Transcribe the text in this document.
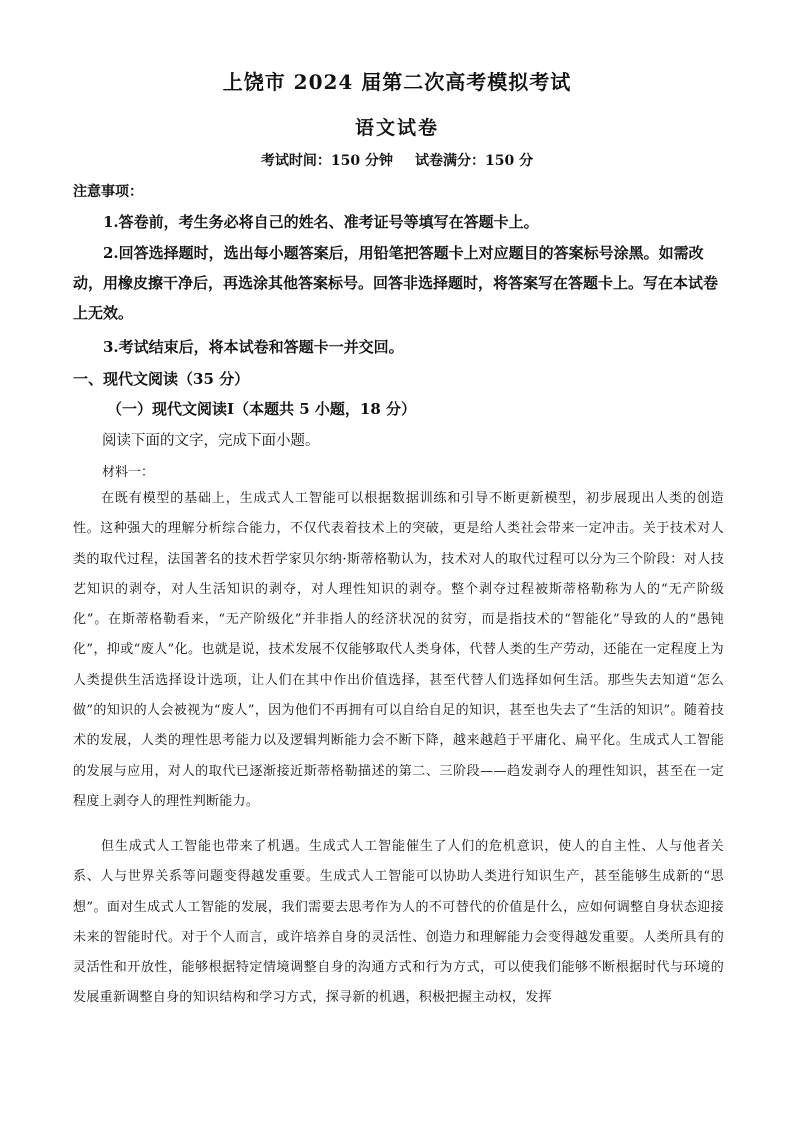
上饶市 2024 届第二次高考模拟考试
语文试卷
考试时间：150 分钟 试卷满分：150 分
注意事项：
1.答卷前，考生务必将自己的姓名、准考证号等填写在答题卡上。
2.回答选择题时，选出每小题答案后，用铅笔把答题卡上对应题目的答案标号涂黑。如需改动，用橡皮擦干净后，再选涂其他答案标号。回答非选择题时，将答案写在答题卡上。写在本试卷上无效。
3.考试结束后，将本试卷和答题卡一并交回。
一、现代文阅读（35 分）
（一）现代文阅读Ⅰ（本题共 5 小题，18 分）
阅读下面的文字，完成下面小题。
材料一：
在既有模型的基础上，生成式人工智能可以根据数据训练和引导不断更新模型，初步展现出人类的创造性。这种强大的理解分析综合能力，不仅代表着技术上的突破，更是给人类社会带来一定冲击。关于技术对人类的取代过程，法国著名的技术哲学家贝尔纳·斯蒂格勒认为，技术对人的取代过程可以分为三个阶段：对人技艺知识的剥夺，对人生活知识的剥夺，对人理性知识的剥夺。整个剥夺过程被斯蒂格勒称为人的“无产阶级化”。在斯蒂格勒看来，“无产阶级化”并非指人的经济状况的贫穷，而是指技术的“智能化”导致的人的“愚钝化”，抑或“废人”化。也就是说，技术发展不仅能够取代人类身体，代替人类的生产劳动，还能在一定程度上为人类提供生活选择设计选项，让人们在其中作出价值选择，甚至代替人们选择如何生活。那些失去知道“怎么做”的知识的人会被视为“废人”，因为他们不再拥有可以自给自足的知识，甚至也失去了“生活的知识”。随着技术的发展，人类的理性思考能力以及逻辑判断能力会不断下降，越来越趋于平庸化、扁平化。生成式人工智能的发展与应用，对人的取代已逐渐接近斯蒂格勒描述的第二、三阶段——趋发剥夺人的理性知识，甚至在一定程度上剥夺人的理性判断能力。
但生成式人工智能也带来了机遇。生成式人工智能催生了人们的危机意识，使人的自主性、人与他者关系、人与世界关系等问题变得越发重要。生成式人工智能可以协助人类进行知识生产，甚至能够生成新的“思想”。面对生成式人工智能的发展，我们需要去思考作为人的不可替代的价值是什么，应如何调整自身状态迎接未来的智能时代。对于个人而言，或许培养自身的灵活性、创造力和理解能力会变得越发重要。人类所具有的灵活性和开放性，能够根据特定情境调整自身的沟通方式和行为方式，可以使我们能够不断根据时代与环境的发展重新调整自身的知识结构和学习方式，探寻新的机遇，积极把握主动权，发挥
